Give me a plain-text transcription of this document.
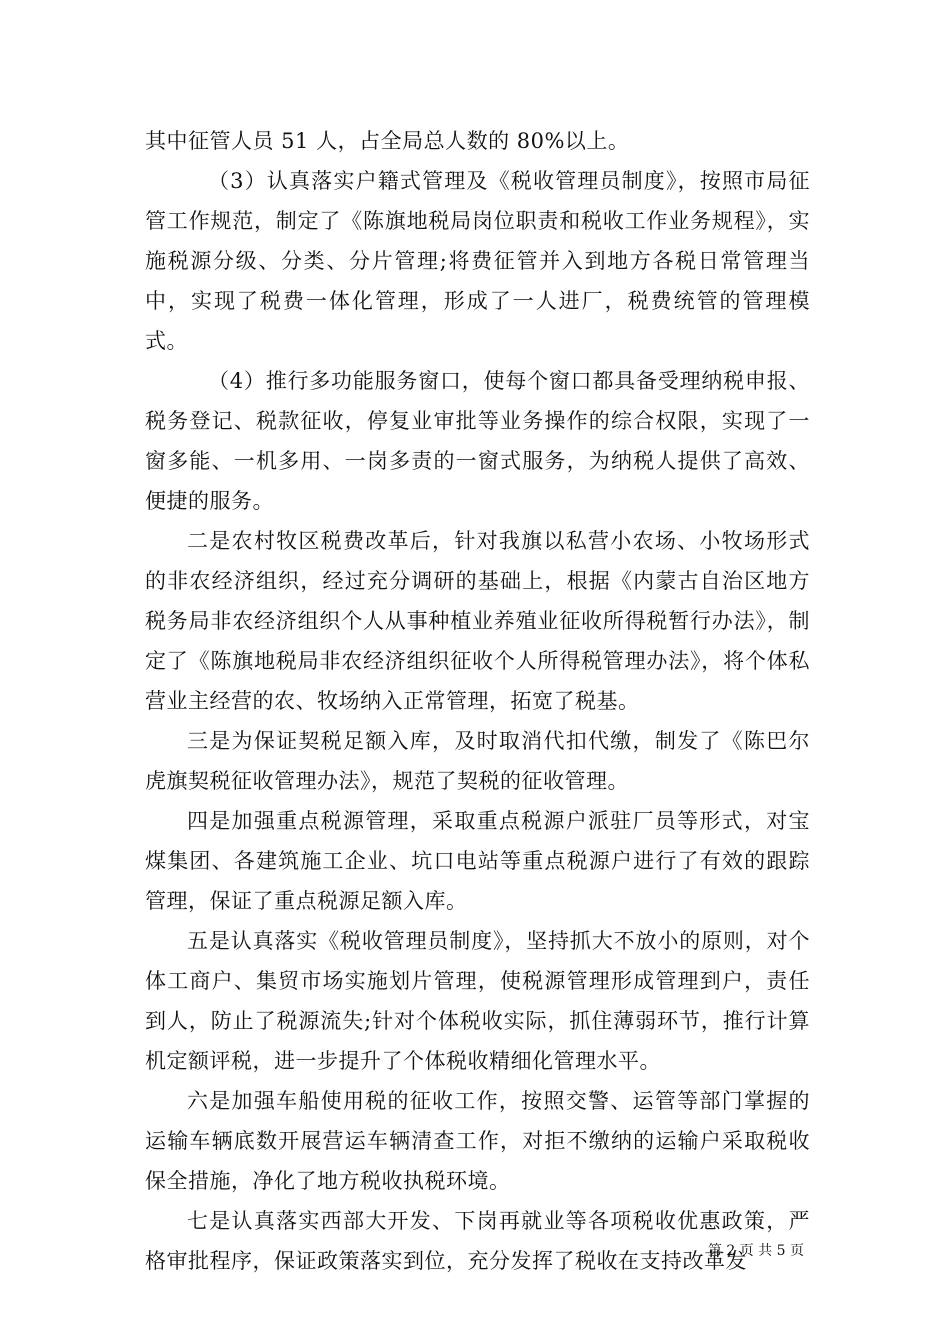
其中征管人员 51 人，占全局总人数的 80%以上。

（3）认真落实户籍式管理及《税收管理员制度》，按照市局征管工作规范，制定了《陈旗地税局岗位职责和税收工作业务规程》，实施税源分级、分类、分片管理;将费征管并入到地方各税日常管理当中，实现了税费一体化管理，形成了一人进厂，税费统管的管理模式。

（4）推行多功能服务窗口，使每个窗口都具备受理纳税申报、税务登记、税款征收，停复业审批等业务操作的综合权限，实现了一窗多能、一机多用、一岗多责的一窗式服务，为纳税人提供了高效、便捷的服务。

二是农村牧区税费改革后，针对我旗以私营小农场、小牧场形式的非农经济组织，经过充分调研的基础上，根据《内蒙古自治区地方税务局非农经济组织个人从事种植业养殖业征收所得税暂行办法》，制定了《陈旗地税局非农经济组织征收个人所得税管理办法》，将个体私营业主经营的农、牧场纳入正常管理，拓宽了税基。

三是为保证契税足额入库，及时取消代扣代缴，制发了《陈巴尔虎旗契税征收管理办法》，规范了契税的征收管理。

四是加强重点税源管理，采取重点税源户派驻厂员等形式，对宝煤集团、各建筑施工企业、坑口电站等重点税源户进行了有效的跟踪管理，保证了重点税源足额入库。

五是认真落实《税收管理员制度》，坚持抓大不放小的原则，对个体工商户、集贸市场实施划片管理，使税源管理形成管理到户，责任到人，防止了税源流失;针对个体税收实际，抓住薄弱环节，推行计算机定额评税，进一步提升了个体税收精细化管理水平。

六是加强车船使用税的征收工作，按照交警、运管等部门掌握的运输车辆底数开展营运车辆清查工作，对拒不缴纳的运输户采取税收保全措施，净化了地方税收执税环境。

七是认真落实西部大开发、下岗再就业等各项税收优惠政策，严格审批程序，保证政策落实到位，充分发挥了税收在支持改革发

第 2 页 共 5 页
